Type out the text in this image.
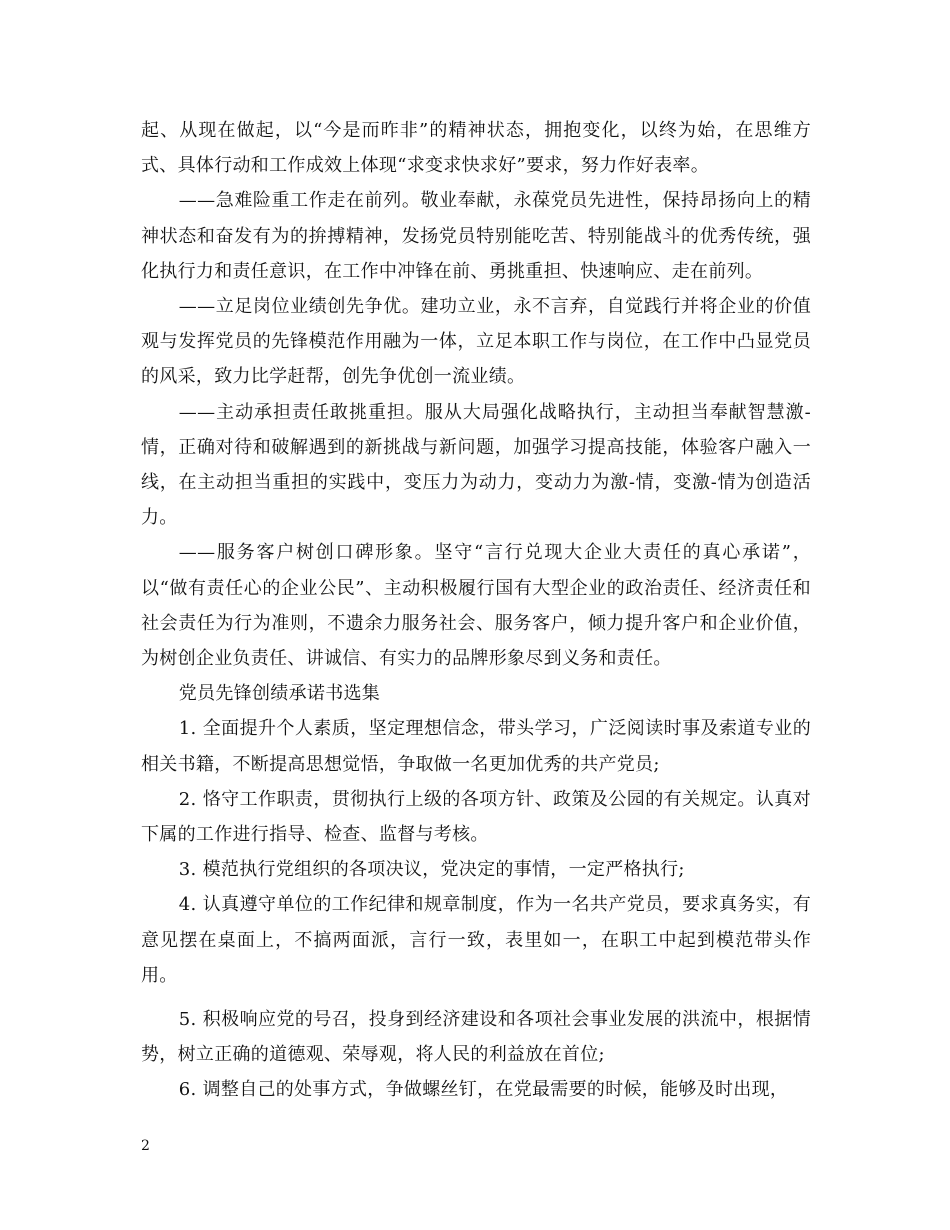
起、从现在做起，以“今是而昨非”的精神状态，拥抱变化，以终为始，在思维方式、具体行动和工作成效上体现“求变求快求好”要求，努力作好表率。

——急难险重工作走在前列。敬业奉献，永葆党员先进性，保持昂扬向上的精神状态和奋发有为的拚搏精神，发扬党员特别能吃苦、特别能战斗的优秀传统，强化执行力和责任意识，在工作中冲锋在前、勇挑重担、快速响应、走在前列。

——立足岗位业绩创先争优。建功立业，永不言弃，自觉践行并将企业的价值观与发挥党员的先锋模范作用融为一体，立足本职工作与岗位，在工作中凸显党员的风采，致力比学赶帮，创先争优创一流业绩。

——主动承担责任敢挑重担。服从大局强化战略执行，主动担当奉献智慧激-情，正确对待和破解遇到的新挑战与新问题，加强学习提高技能，体验客户融入一线，在主动担当重担的实践中，变压力为动力，变动力为激-情，变激-情为创造活力。

——服务客户树创口碑形象。坚守“言行兑现大企业大责任的真心承诺”，以“做有责任心的企业公民”、主动积极履行国有大型企业的政治责任、经济责任和社会责任为行为准则，不遗余力服务社会、服务客户，倾力提升客户和企业价值，为树创企业负责任、讲诚信、有实力的品牌形象尽到义务和责任。

党员先锋创绩承诺书选集

1. 全面提升个人素质，坚定理想信念，带头学习，广泛阅读时事及索道专业的相关书籍，不断提高思想觉悟，争取做一名更加优秀的共产党员;

2. 恪守工作职责，贯彻执行上级的各项方针、政策及公园的有关规定。认真对下属的工作进行指导、检查、监督与考核。

3. 模范执行党组织的各项决议，党决定的事情，一定严格执行;

4. 认真遵守单位的工作纪律和规章制度，作为一名共产党员，要求真务实，有意见摆在桌面上，不搞两面派，言行一致，表里如一，在职工中起到模范带头作用。

5. 积极响应党的号召，投身到经济建设和各项社会事业发展的洪流中，根据情势，树立正确的道德观、荣辱观，将人民的利益放在首位;

6. 调整自己的处事方式，争做螺丝钉，在党最需要的时候，能够及时出现，

2
